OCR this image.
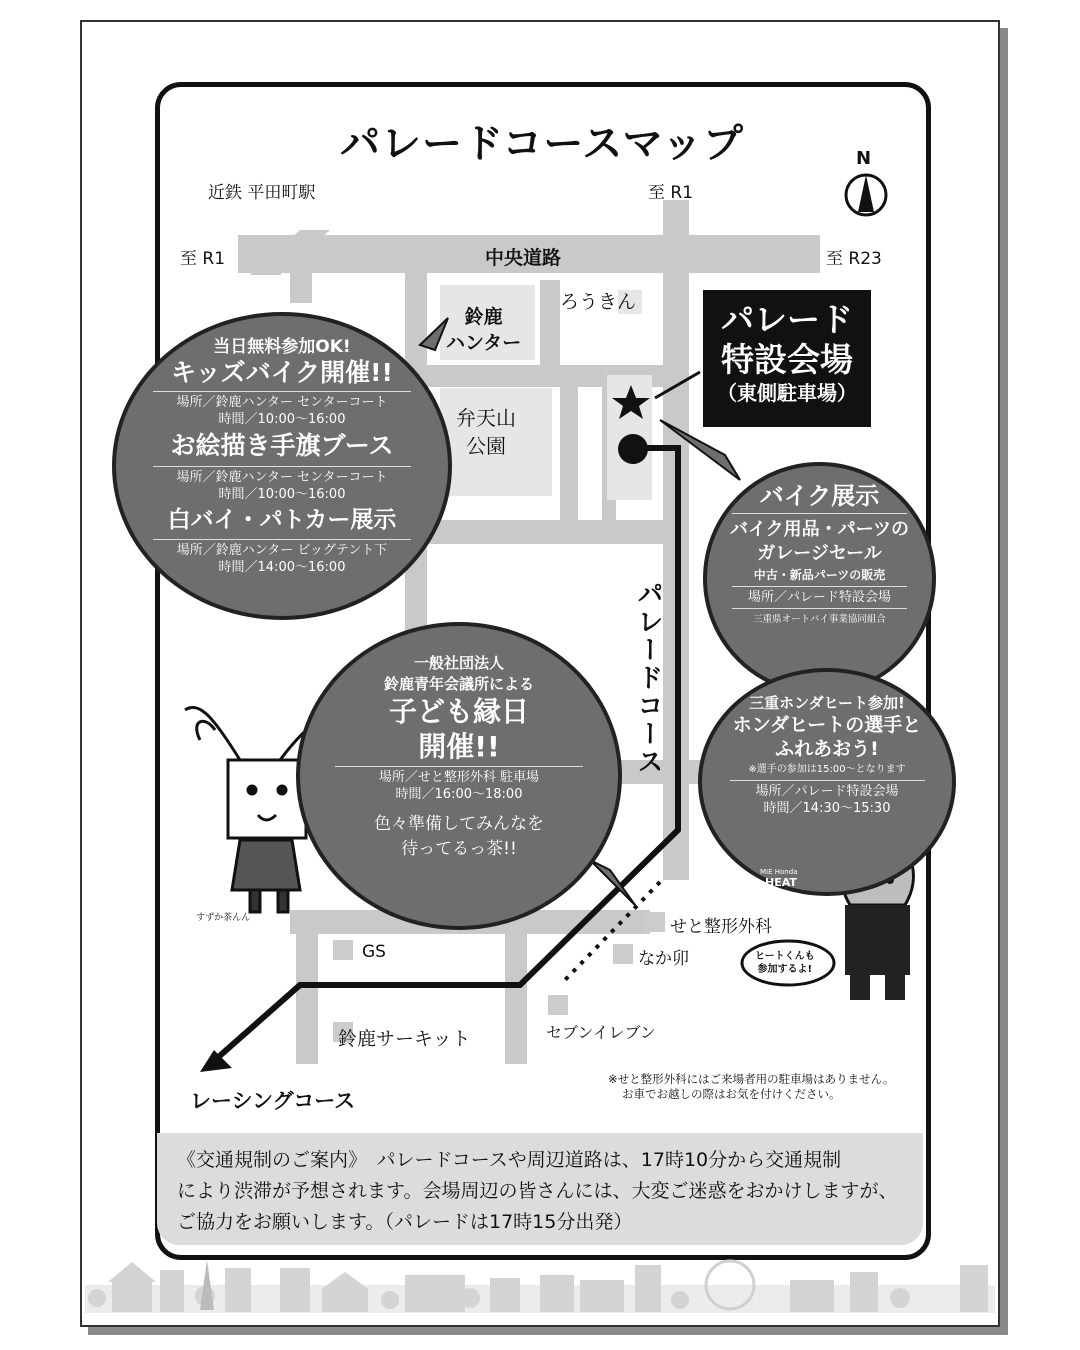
パレードコースマップ	N
近鉄 平田町駅	至 R1
至 R1	至 R23
中央道路
ろうきん
鈴鹿
ハンター
弁天山
公園
GS
鈴鹿サーキット
せと整形外科
なか卯
セブンイレブン
パレードコース
レーシングコース
パレード
特設会場
（東側駐車場）
当日無料参加OK!
キッズバイク開催!!
場所／鈴鹿ハンター センターコート
時間／10:00〜16:00
お絵描き手旗ブース
場所／鈴鹿ハンター センターコート
時間／10:00〜16:00
白バイ・パトカー展示
場所／鈴鹿ハンター ビッグテント下
時間／14:00〜16:00
バイク展示
バイク用品・パーツの
ガレージセール
中古・新品パーツの販売
場所／パレード特設会場
三重県オートバイ事業協同組合
三重ホンダヒート参加!
ホンダヒートの選手と
ふれあおう!
※選手の参加は15:00〜となります
場所／パレード特設会場
時間／14:30〜15:30
一般社団法人
鈴鹿青年会議所による
子ども縁日
開催!!
場所／せと整形外科 駐車場
時間／16:00〜18:00
色々準備してみんなを
待ってるっ茶!!
すずか茶んん
MIE Honda
HEAT
ヒートくんも
参加するよ!
※せと整形外科にはご来場者用の駐車場はありません。
お車でお越しの際はお気を付けください。

《交通規制のご案内》　パレードコースや周辺道路は、17時10分から交通規制
により渋滞が予想されます。会場周辺の皆さんには、大変ご迷惑をおかけしますが、
ご協力をお願いします。（パレードは17時15分出発）
